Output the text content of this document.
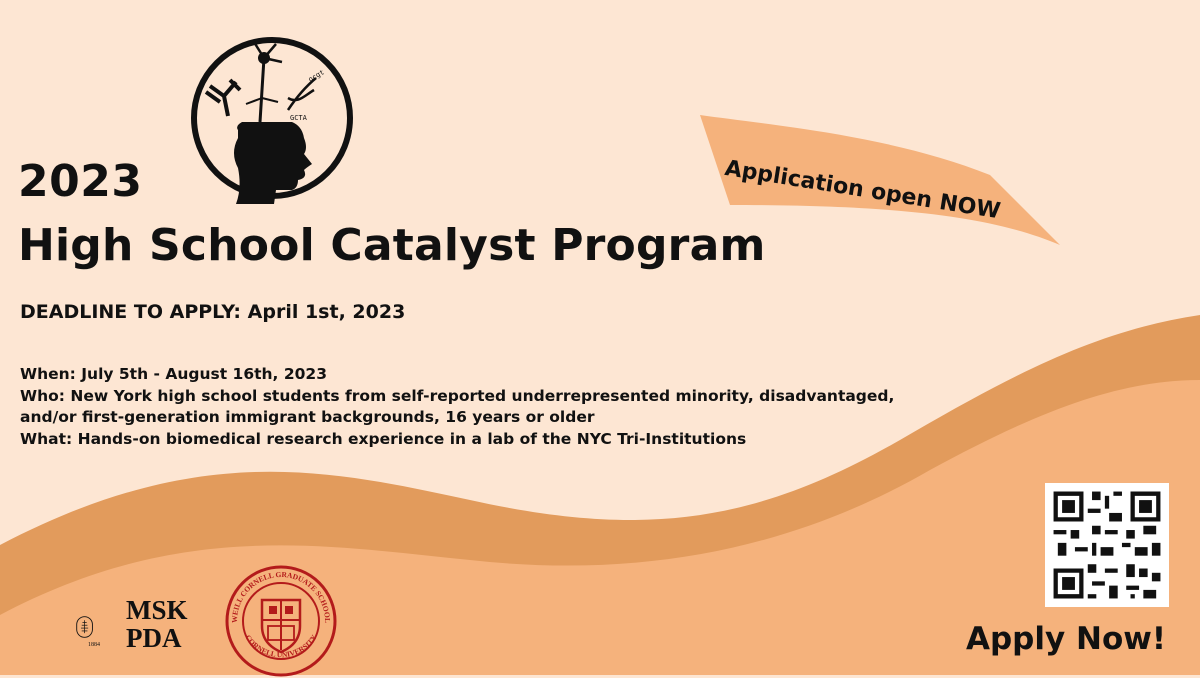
GCTA
ocgt
2023
High School Catalyst Program
DEADLINE TO APPLY: April 1st, 2023
When: July 5th - August 16th, 2023
Who: New York high school students from self-reported underrepresented minority, disadvantaged,
and/or first-generation immigrant backgrounds, 16 years or older
What: Hands-on biomedical research experience in a lab of the NYC Tri-Institutions
Application open NOW
Apply Now!
1884
MSK
PDA
WEILL CORNELL GRADUATE SCHOOL
CORNELL UNIVERSITY
